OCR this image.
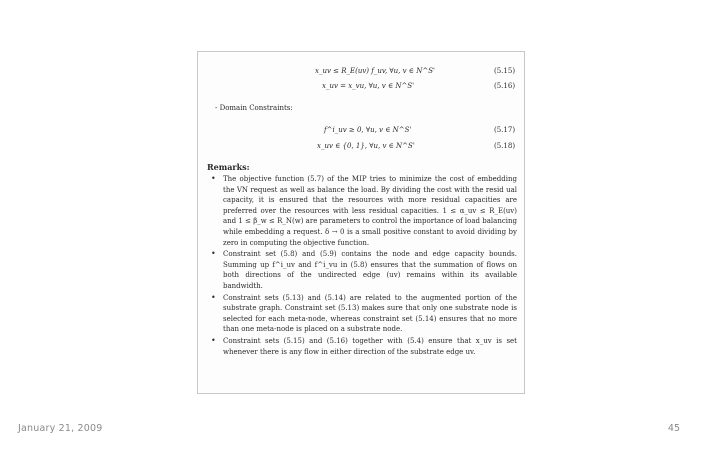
x_uv ≤ R_E(uv) f_uv, ∀u, v ∈ N^S'	(5.15)
x_uv = x_vu, ∀u, v ∈ N^S'	(5.16)
- Domain Constraints:
f^i_uv ≥ 0, ∀u, v ∈ N^S'	(5.17)
x_uv ∈ {0, 1}, ∀u, v ∈ N^S'	(5.18)
Remarks:
• The objective function (5.7) of the MIP tries to minimize the cost of embedding the VN request as well as balance the load. By dividing the cost with the resid ual capacity, it is ensured that the resources with more residual capacities are preferred over the resources with less residual capacities. 1 ≤ α_uv ≤ R_E(uv) and 1 ≤ β_w ≤ R_N(w) are parameters to control the importance of load balancing while embedding a request. δ → 0 is a small positive constant to avoid dividing by zero in computing the objective function.
• Constraint set (5.8) and (5.9) contains the node and edge capacity bounds. Summing up f^i_uv and f^i_vu in (5.8) ensures that the summation of flows on both directions of the undirected edge (uv) remains within its available bandwidth.
• Constraint sets (5.13) and (5.14) are related to the augmented portion of the substrate graph. Constraint set (5.13) makes sure that only one substrate node is selected for each meta-node, whereas constraint set (5.14) ensures that no more than one meta-node is placed on a substrate node.
• Constraint sets (5.15) and (5.16) together with (5.4) ensure that x_uv is set whenever there is any flow in either direction of the substrate edge uv.
January 21, 2009	45
